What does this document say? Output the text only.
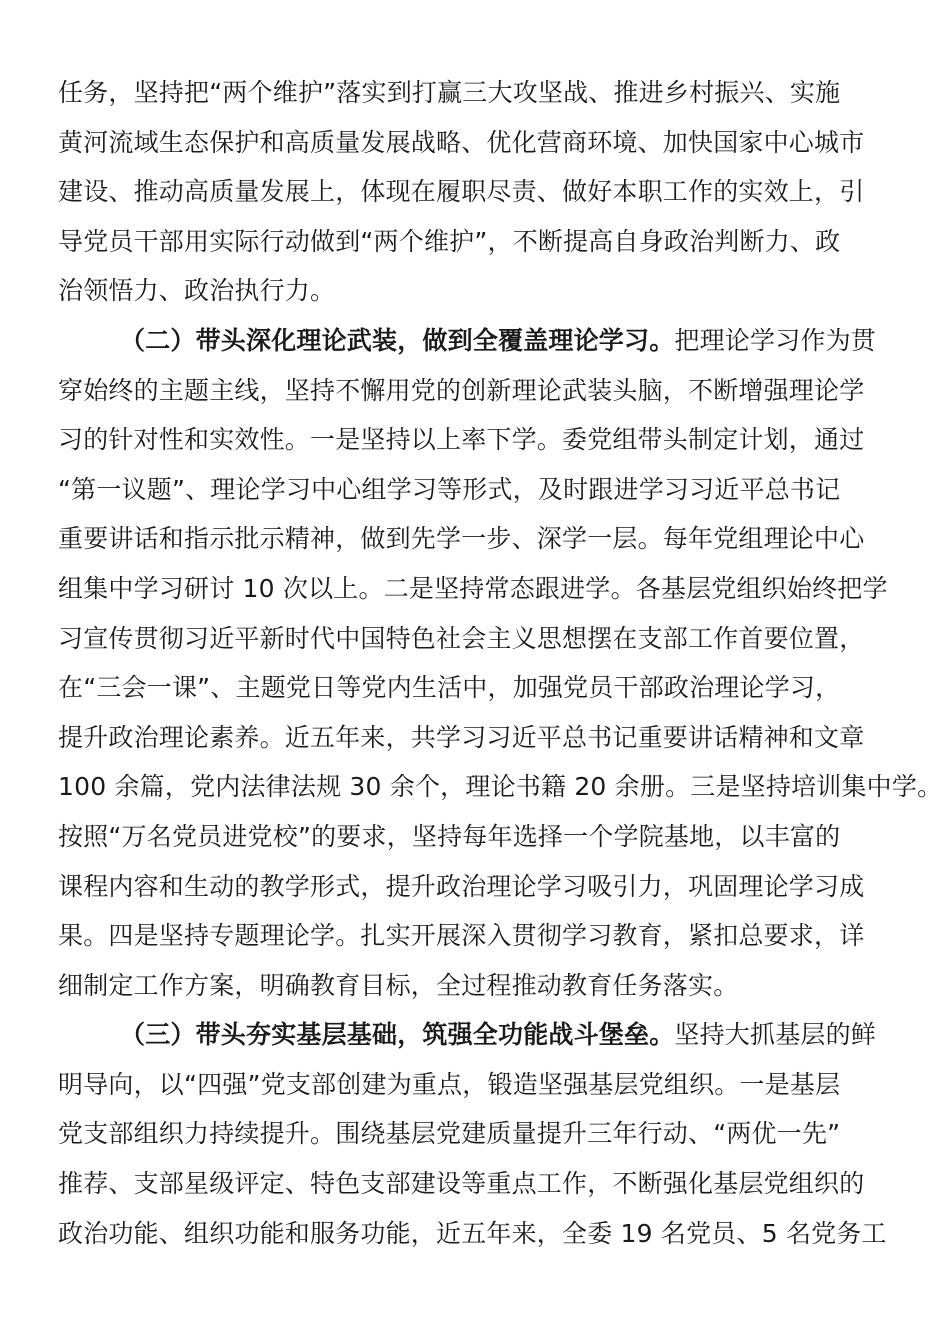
任务，坚持把“两个维护”落实到打赢三大攻坚战、推进乡村振兴、实施
黄河流域生态保护和高质量发展战略、优化营商环境、加快国家中心城市
建设、推动高质量发展上，体现在履职尽责、做好本职工作的实效上，引
导党员干部用实际行动做到“两个维护”，不断提高自身政治判断力、政
治领悟力、政治执行力。
（二）带头深化理论武装，做到全覆盖理论学习。把理论学习作为贯
穿始终的主题主线，坚持不懈用党的创新理论武装头脑，不断增强理论学
习的针对性和实效性。一是坚持以上率下学。委党组带头制定计划，通过
“第一议题”、理论学习中心组学习等形式，及时跟进学习习近平总书记
重要讲话和指示批示精神，做到先学一步、深学一层。每年党组理论中心
组集中学习研讨 10 次以上。二是坚持常态跟进学。各基层党组织始终把学
习宣传贯彻习近平新时代中国特色社会主义思想摆在支部工作首要位置，
在“三会一课”、主题党日等党内生活中，加强党员干部政治理论学习，
提升政治理论素养。近五年来，共学习习近平总书记重要讲话精神和文章
100 余篇，党内法律法规 30 余个，理论书籍 20 余册。三是坚持培训集中学。
按照“万名党员进党校”的要求，坚持每年选择一个学院基地，以丰富的
课程内容和生动的教学形式，提升政治理论学习吸引力，巩固理论学习成
果。四是坚持专题理论学。扎实开展深入贯彻学习教育，紧扣总要求，详
细制定工作方案，明确教育目标，全过程推动教育任务落实。
（三）带头夯实基层基础，筑强全功能战斗堡垒。坚持大抓基层的鲜
明导向，以“四强”党支部创建为重点，锻造坚强基层党组织。一是基层
党支部组织力持续提升。围绕基层党建质量提升三年行动、“两优一先”
推荐、支部星级评定、特色支部建设等重点工作，不断强化基层党组织的
政治功能、组织功能和服务功能，近五年来，全委 19 名党员、5 名党务工
